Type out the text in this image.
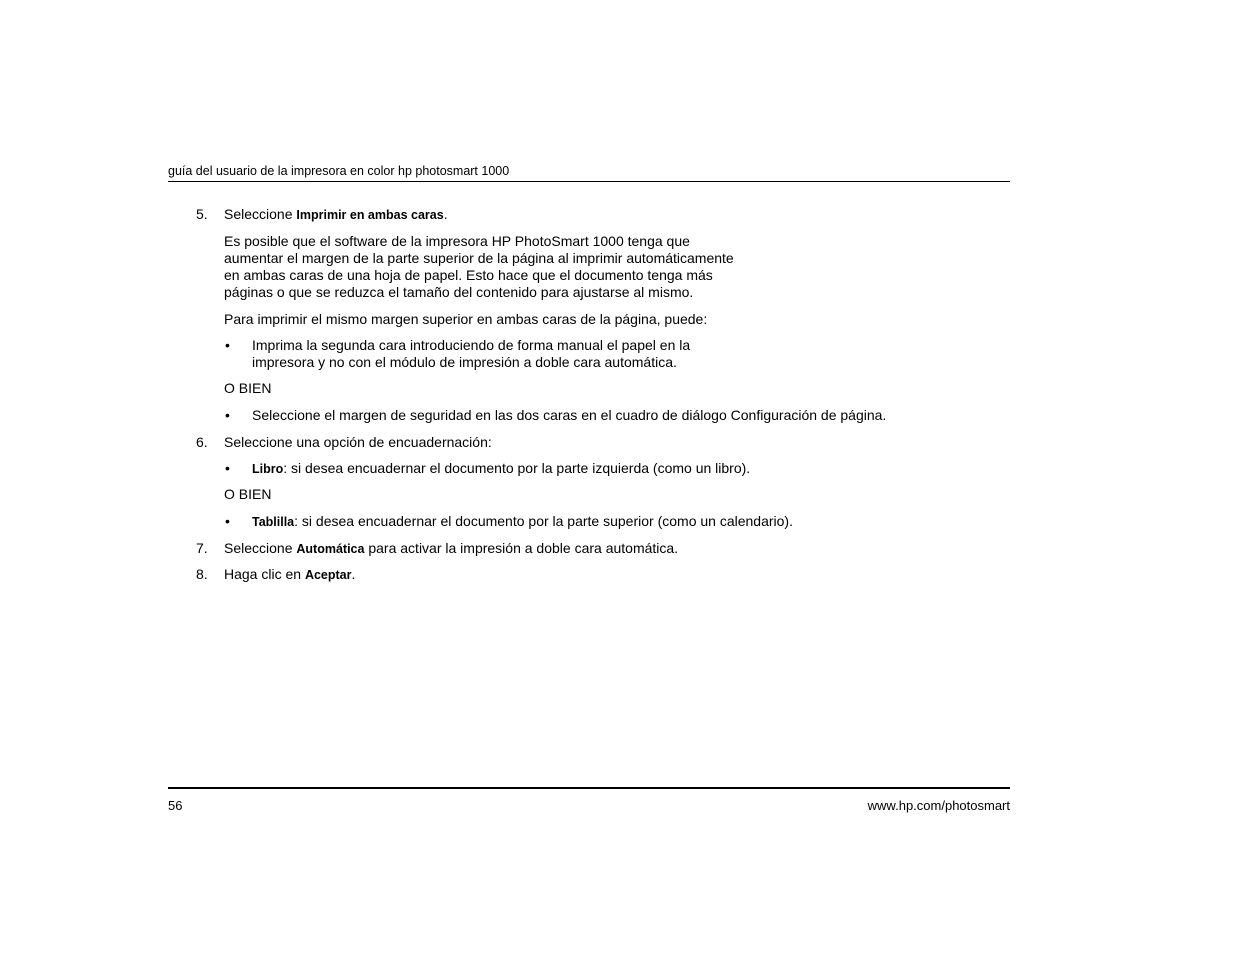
guía del usuario de la impresora en color hp photosmart 1000
5. Seleccione Imprimir en ambas caras.
Es posible que el software de la impresora HP PhotoSmart 1000 tenga que
aumentar el margen de la parte superior de la página al imprimir automáticamente
en ambas caras de una hoja de papel. Esto hace que el documento tenga más
páginas o que se reduzca el tamaño del contenido para ajustarse al mismo.
Para imprimir el mismo margen superior en ambas caras de la página, puede:
• Imprima la segunda cara introduciendo de forma manual el papel en la
impresora y no con el módulo de impresión a doble cara automática.
O BIEN
• Seleccione el margen de seguridad en las dos caras en el cuadro de diálogo Configuración de página.
6. Seleccione una opción de encuadernación:
• Libro: si desea encuadernar el documento por la parte izquierda (como un libro).
O BIEN
• Tablilla: si desea encuadernar el documento por la parte superior (como un calendario).
7. Seleccione Automática para activar la impresión a doble cara automática.
8. Haga clic en Aceptar.
56	www.hp.com/photosmart
